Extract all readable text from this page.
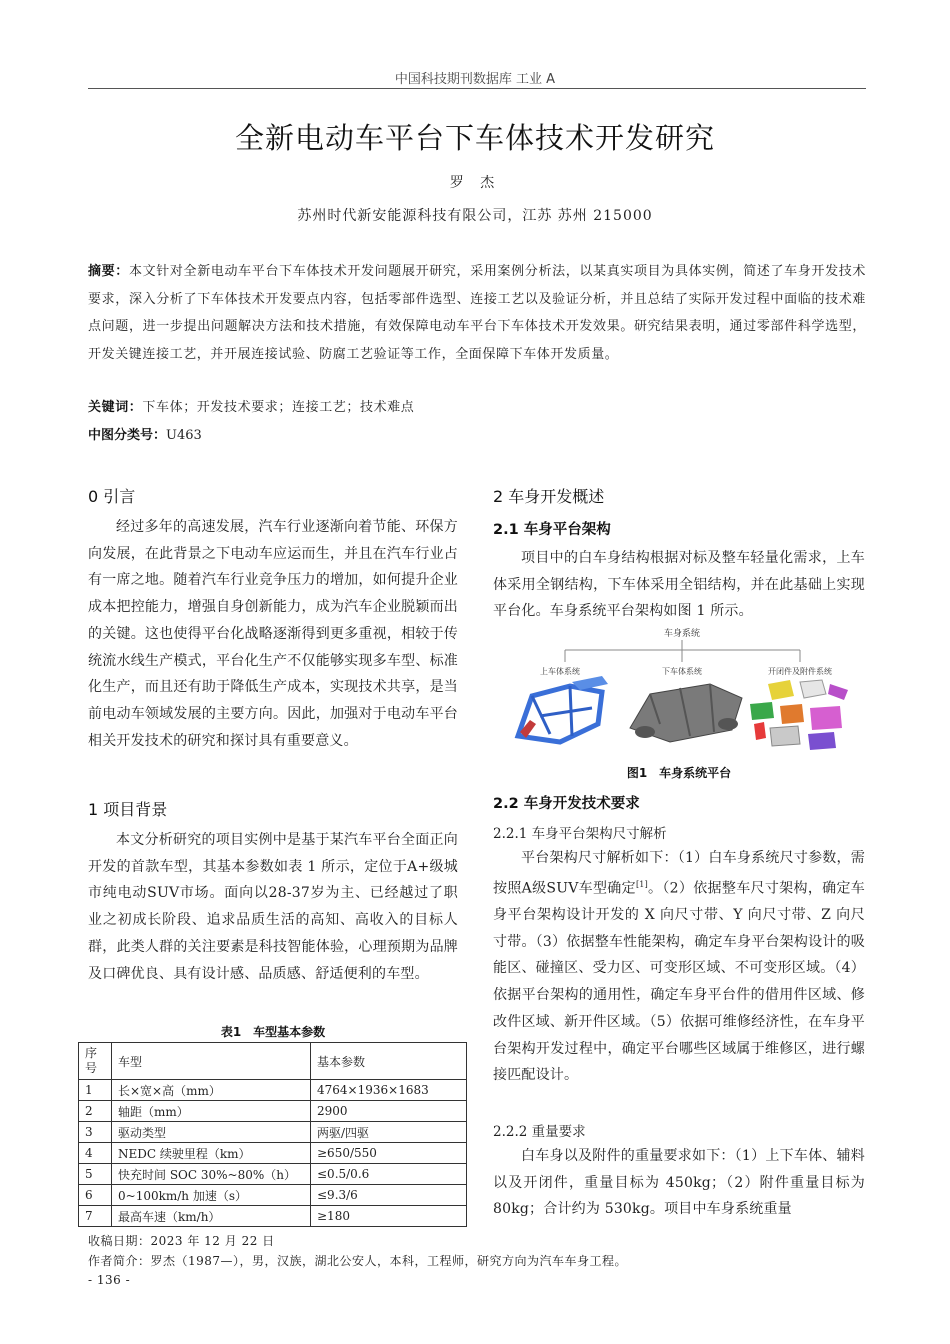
中国科技期刊数据库 工业 A
全新电动车平台下车体技术开发研究
罗 杰
苏州时代新安能源科技有限公司，江苏 苏州 215000
摘要：本文针对全新电动车平台下车体技术开发问题展开研究，采用案例分析法，以某真实项目为具体实例，简述了车身开发技术要求，深入分析了下车体技术开发要点内容，包括零部件选型、连接工艺以及验证分析，并且总结了实际开发过程中面临的技术难点问题，进一步提出问题解决方法和技术措施，有效保障电动车平台下车体技术开发效果。研究结果表明，通过零部件科学选型，开发关键连接工艺，并开展连接试验、防腐工艺验证等工作，全面保障下车体开发质量。
关键词：下车体；开发技术要求；连接工艺；技术难点
中图分类号：U463
0 引言
经过多年的高速发展，汽车行业逐渐向着节能、环保方向发展，在此背景之下电动车应运而生，并且在汽车行业占有一席之地。随着汽车行业竞争压力的增加，如何提升企业成本把控能力，增强自身创新能力，成为汽车企业脱颖而出的关键。这也使得平台化战略逐渐得到更多重视，相较于传统流水线生产模式，平台化生产不仅能够实现多车型、标准化生产，而且还有助于降低生产成本，实现技术共享，是当前电动车领域发展的主要方向。因此，加强对于电动车平台相关开发技术的研究和探讨具有重要意义。
1 项目背景
本文分析研究的项目实例中是基于某汽车平台全面正向开发的首款车型，其基本参数如表 1 所示，定位于A+级城市纯电动SUV市场。面向以28-37岁为主、已经越过了职业之初成长阶段、追求品质生活的高知、高收入的目标人群，此类人群的关注要素是科技智能体验，心理预期为品牌及口碑优良、具有设计感、品质感、舒适便利的车型。
表1　车型基本参数
序号	车型	基本参数
1	长×宽×高（mm）	4764×1936×1683
2	轴距（mm）	2900
3	驱动类型	两驱/四驱
4	NEDC 续驶里程（km）	≥650/550
5	快充时间 SOC 30%~80%（h）	≤0.5/0.6
6	0~100km/h 加速（s）	≤9.3/6
7	最高车速（km/h）	≥180
2 车身开发概述
2.1 车身平台架构
项目中的白车身结构根据对标及整车轻量化需求，上车体采用全钢结构，下车体采用全铝结构，并在此基础上实现平台化。车身系统平台架构如图 1 所示。
车身系统
上车体系统	下车体系统	开闭件及附件系统
图1　车身系统平台
2.2 车身开发技术要求
2.2.1 车身平台架构尺寸解析
平台架构尺寸解析如下：（1）白车身系统尺寸参数，需按照A级SUV车型确定[1]。（2）依据整车尺寸架构，确定车身平台架构设计开发的 X 向尺寸带、Y 向尺寸带、Z 向尺寸带。（3）依据整车性能架构，确定车身平台架构设计的吸能区、碰撞区、受力区、可变形区域、不可变形区域。（4）依据平台架构的通用性，确定车身平台件的借用件区域、修改件区域、新开件区域。（5）依据可维修经济性，在车身平台架构开发过程中，确定平台哪些区域属于维修区，进行螺接匹配设计。
2.2.2 重量要求
白车身以及附件的重量要求如下：（1）上下车体、辅料以及开闭件，重量目标为 450kg；（2）附件重量目标为 80kg；合计约为 530kg。项目中车身系统重量
收稿日期：2023 年 12 月 22 日
作者简介：罗杰（1987—），男，汉族，湖北公安人，本科，工程师，研究方向为汽车车身工程。
- 136 -
